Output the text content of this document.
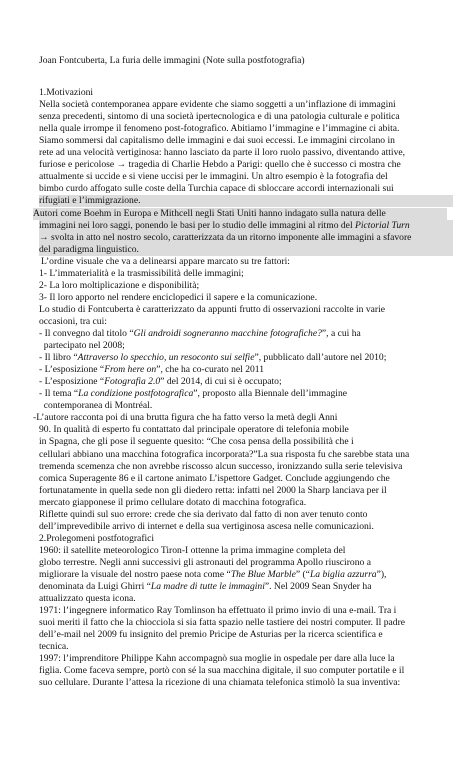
Joan Fontcuberta, La furia delle immagini (Note sulla postfotografia)
1.Motivazioni
Nella società contemporanea appare evidente che siamo soggetti a un’inflazione di immagini
senza precedenti, sintomo di una società ipertecnologica e di una patologia culturale e politica
nella quale irrompe il fenomeno post-fotografico. Abitiamo l’immagine e l’immagine ci abita.
Siamo sommersi dal capitalismo delle immagini e dai suoi eccessi. Le immagini circolano in
rete ad una velocità vertiginosa: hanno lasciato da parte il loro ruolo passivo, diventando attive,
furiose e pericolose → tragedia di Charlie Hebdo a Parigi: quello che è successo ci mostra che
attualmente si uccide e si viene uccisi per le immagini. Un altro esempio è la fotografia del
bimbo curdo affogato sulle coste della Turchia capace di sbloccare accordi internazionali sui
rifugiati e l’immigrazione.
Autori come Boehm in Europa e Mithcell negli Stati Uniti hanno indagato sulla natura delle
immagini nei loro saggi, ponendo le basi per lo studio delle immagini al ritmo del Pictorial Turn
→ svolta in atto nel nostro secolo, caratterizzata da un ritorno imponente alle immagini a sfavore
del paradigma linguistico.
L’ordine visuale che va a delinearsi appare marcato su tre fattori:
1- L’immaterialità e la trasmissibilità delle immagini;
2- La loro moltiplicazione e disponibilità;
3- Il loro apporto nel rendere enciclopedici il sapere e la comunicazione.
Lo studio di Fontcuberta è caratterizzato da appunti frutto di osservazioni raccolte in varie
occasioni, tra cui:
- Il convegno dal titolo “Gli androidi sogneranno macchine fotografiche?”, a cui ha
partecipato nel 2008;
- Il libro “Attraverso lo specchio, un resoconto sui selfie”, pubblicato dall’autore nel 2010;
- L’esposizione “From here on”, che ha co-curato nel 2011
- L’esposizione “Fotografia 2.0” del 2014, di cui si è occupato;
- Il tema “La condizione postfotografica”, proposto alla Biennale dell’immagine
contemporanea di Montréal.
-L’autore racconta poi di una brutta figura che ha fatto verso la metà degli Anni
90. In qualità di esperto fu contattato dal principale operatore di telefonia mobile
in Spagna, che gli pose il seguente quesito: “Che cosa pensa della possibilità che i
cellulari abbiano una macchina fotografica incorporata?”La sua risposta fu che sarebbe stata una
tremenda scemenza che non avrebbe riscosso alcun successo, ironizzando sulla serie televisiva
comica Superagente 86 e il cartone animato L’ispettore Gadget. Conclude aggiungendo che
fortunatamente in quella sede non gli diedero retta: infatti nel 2000 la Sharp lanciava per il
mercato giapponese il primo cellulare dotato di macchina fotografica.
Riflette quindi sul suo errore: crede che sia derivato dal fatto di non aver tenuto conto
dell’imprevedibile arrivo di internet e della sua vertiginosa ascesa nelle comunicazioni.
2.Prolegomeni postfotografici
1960: il satellite meteorologico Tiron-I ottenne la prima immagine completa del
globo terrestre. Negli anni successivi gli astronauti del programma Apollo riuscirono a
migliorare la visuale del nostro paese nota come “The Blue Marble” (“La biglia azzurra”),
denominata da Luigi Ghirri “La madre di tutte le immagini”. Nel 2009 Sean Snyder ha
attualizzato questa icona.
1971: l’ingegnere informatico Ray Tomlinson ha effettuato il primo invio di una e-mail. Tra i
suoi meriti il fatto che la chiocciola si sia fatta spazio nelle tastiere dei nostri computer. Il padre
dell’e-mail nel 2009 fu insignito del premio Pricipe de Asturias per la ricerca scientifica e
tecnica.
1997: l’imprenditore Philippe Kahn accompagnò sua moglie in ospedale per dare alla luce la
figlia. Come faceva sempre, portò con sé la sua macchina digitale, il suo computer portatile e il
suo cellulare. Durante l’attesa la ricezione di una chiamata telefonica stimolò la sua inventiva:
